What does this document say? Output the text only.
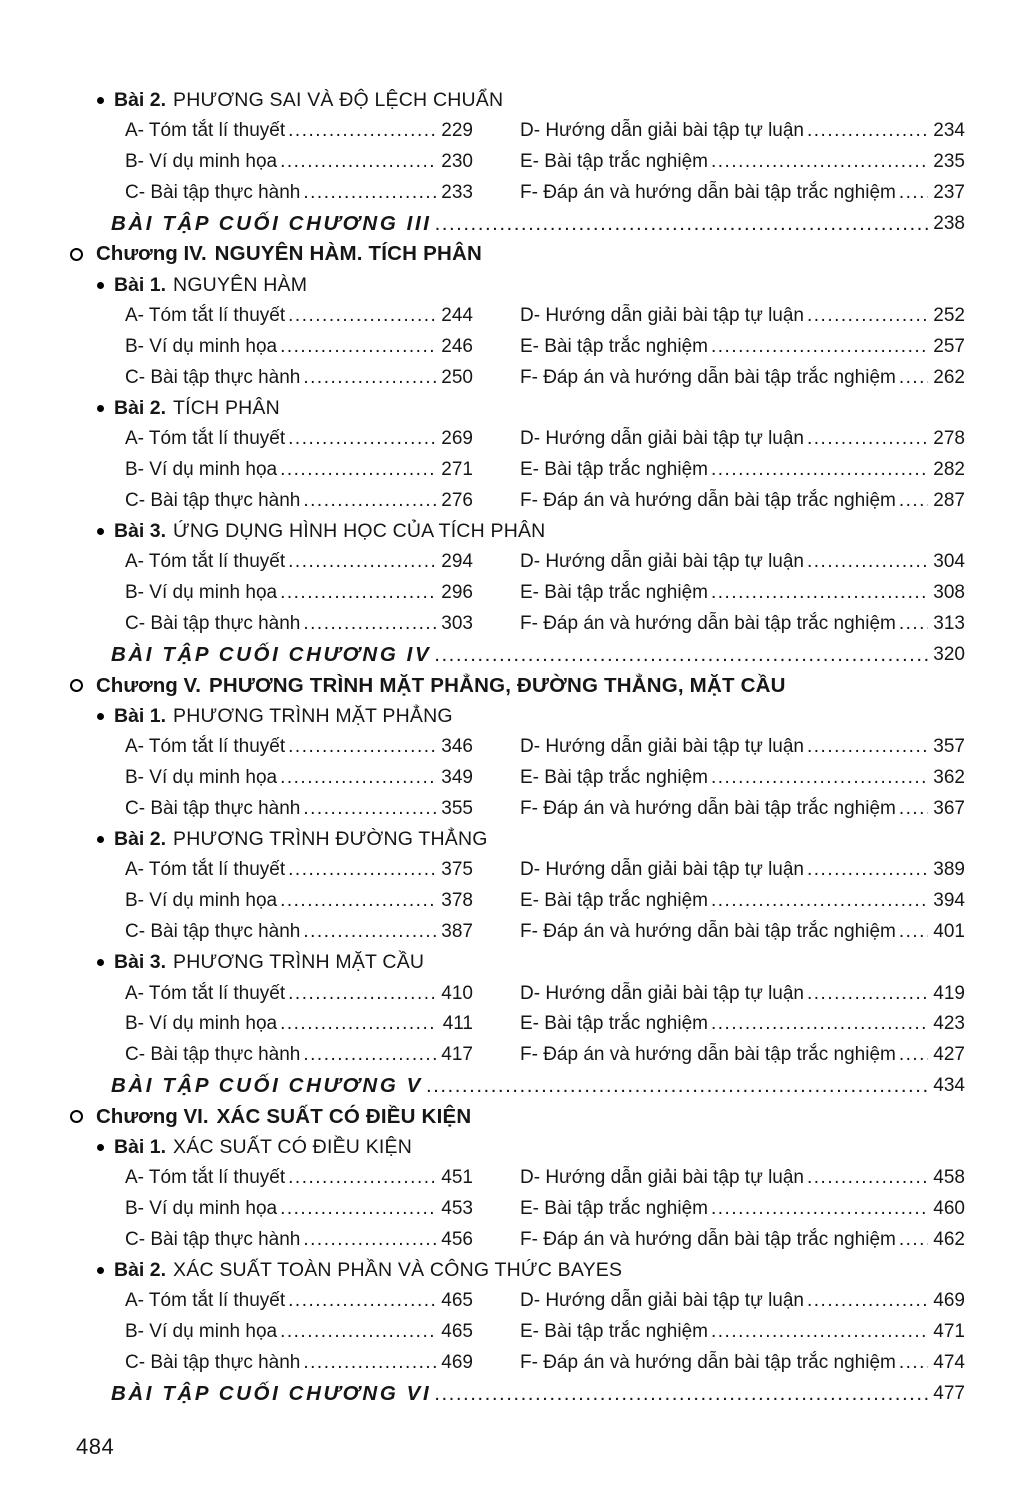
Bài 2. PHƯƠNG SAI VÀ ĐỘ LỆCH CHUẨN
A- Tóm tắt lí thuyết .....	229 D- Hướng dẫn giải bài tập tự luận .....	234
B- Ví dụ minh họa .....	230 E- Bài tập trắc nghiệm .....	235
C- Bài tập thực hành .....	233 F- Đáp án và hướng dẫn bài tập trắc nghiệm ..... 237
BÀI TẬP CUỐI CHƯƠNG III .....	238
Chương IV. NGUYÊN HÀM. TÍCH PHÂN
Bài 1. NGUYÊN HÀM
A- Tóm tắt lí thuyết .....	244 D- Hướng dẫn giải bài tập tự luận .....	252
B- Ví dụ minh họa .....	246 E- Bài tập trắc nghiệm .....	257
C- Bài tập thực hành .....	250 F- Đáp án và hướng dẫn bài tập trắc nghiệm ..... 262
Bài 2. TÍCH PHÂN
A- Tóm tắt lí thuyết .....	269 D- Hướng dẫn giải bài tập tự luận .....	278
B- Ví dụ minh họa .....	271 E- Bài tập trắc nghiệm .....	282
C- Bài tập thực hành .....	276 F- Đáp án và hướng dẫn bài tập trắc nghiệm ..... 287
Bài 3. ỨNG DỤNG HÌNH HỌC CỦA TÍCH PHÂN
A- Tóm tắt lí thuyết .....	294 D- Hướng dẫn giải bài tập tự luận .....	304
B- Ví dụ minh họa .....	296 E- Bài tập trắc nghiệm .....	308
C- Bài tập thực hành .....	303 F- Đáp án và hướng dẫn bài tập trắc nghiệm ..... 313
BÀI TẬP CUỐI CHƯƠNG IV .....	320
Chương V. PHƯƠNG TRÌNH MẶT PHẲNG, ĐƯỜNG THẲNG, MẶT CẦU
Bài 1. PHƯƠNG TRÌNH MẶT PHẲNG
A- Tóm tắt lí thuyết .....	346 D- Hướng dẫn giải bài tập tự luận .....	357
B- Ví dụ minh họa .....	349 E- Bài tập trắc nghiệm .....	362
C- Bài tập thực hành .....	355 F- Đáp án và hướng dẫn bài tập trắc nghiệm ..... 367
Bài 2. PHƯƠNG TRÌNH ĐƯỜNG THẲNG
A- Tóm tắt lí thuyết .....	375 D- Hướng dẫn giải bài tập tự luận .....	389
B- Ví dụ minh họa .....	378 E- Bài tập trắc nghiệm .....	394
C- Bài tập thực hành .....	387 F- Đáp án và hướng dẫn bài tập trắc nghiệm ..... 401
Bài 3. PHƯƠNG TRÌNH MẶT CẦU
A- Tóm tắt lí thuyết .....	410 D- Hướng dẫn giải bài tập tự luận .....	419
B- Ví dụ minh họa .....	411 E- Bài tập trắc nghiệm .....	423
C- Bài tập thực hành .....	417 F- Đáp án và hướng dẫn bài tập trắc nghiệm ..... 427
BÀI TẬP CUỐI CHƯƠNG V .....	434
Chương VI. XÁC SUẤT CÓ ĐIỀU KIỆN
Bài 1. XÁC SUẤT CÓ ĐIỀU KIỆN
A- Tóm tắt lí thuyết .....	451 D- Hướng dẫn giải bài tập tự luận .....	458
B- Ví dụ minh họa .....	453 E- Bài tập trắc nghiệm .....	460
C- Bài tập thực hành .....	456 F- Đáp án và hướng dẫn bài tập trắc nghiệm ..... 462
Bài 2. XÁC SUẤT TOÀN PHẦN VÀ CÔNG THỨC BAYES
A- Tóm tắt lí thuyết .....	465 D- Hướng dẫn giải bài tập tự luận .....	469
B- Ví dụ minh họa .....	465 E- Bài tập trắc nghiệm .....	471
C- Bài tập thực hành .....	469 F- Đáp án và hướng dẫn bài tập trắc nghiệm ..... 474
BÀI TẬP CUỐI CHƯƠNG VI .....	477
484
